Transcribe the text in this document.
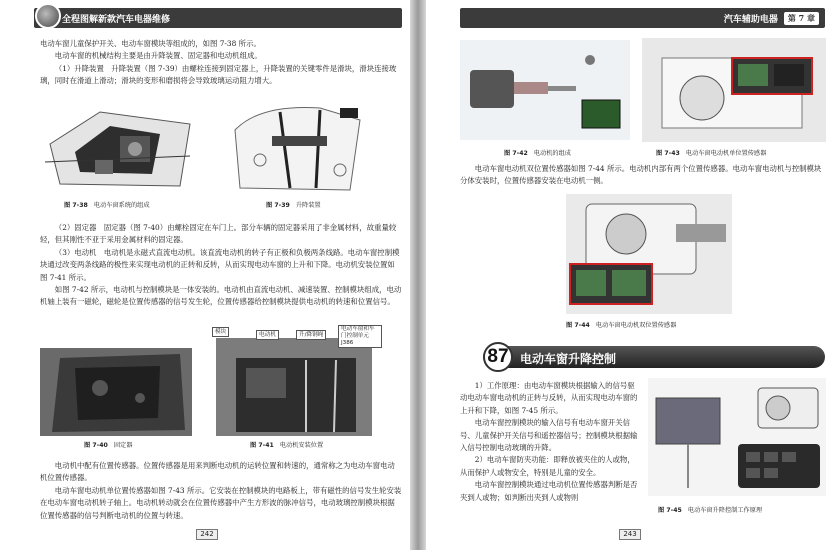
全程图解新款汽车电器维修

电动车窗儿童保护开关、电动车窗模块等组成的，如图 7-38 所示。

电动车窗的机械结构主要是由升降装置、固定器和电动机组成。

（1）升降装置　升降装置（图 7-39）由螺栓连接到固定器上，升降装置的关键零件是滑块，滑块连接玻璃，同时在滑道上滑动；滑块的变形和磨损将会导致玻璃运动阻力增大。

图 7-38 电动车窗系统的组成	图 7-39 升降装置

（2）固定器　固定器（图 7-40）由螺栓固定在车门上。部分车辆的固定器采用了非金属材料，故重量较轻，但其刚性不亚于采用金属材料的固定器。

（3）电动机　电动机是永磁式直流电动机。该直流电动机的转子有正极和负极两条线路。电动车窗控制模块通过改变两条线路的极性来实现电动机的正转和反转，从而实现电动车窗的上升和下降。电动机安装位置如图 7-41 所示。

如图 7-42 所示，电动机与控制模块是一体安装的。电动机由直流电动机、减速装置、控制模块组成，电动机轴上装有一磁轮，磁轮是位置传感器的信号发生轮，位置传感器给控制模块提供电动机的转速和位置信号。

图 7-40 固定器
模块	电动机	升/降钢绳
电动车窗和车门控制单元J386
图 7-41 电动机安装位置

电动机中配有位置传感器。位置传感器是用来判断电动机的运转位置和转速的，通常称之为电动车窗电动机位置传感器。

电动车窗电动机单位置传感器如图 7-43 所示。它安装在控制模块的电路板上，带有磁性的信号发生轮安装在电动车窗电动机转子轴上。电动机转动就会在位置传感器中产生方形波的脉冲信号，电动玻璃控制模块根据位置传感器的信号判断电动机的位置与转速。

242
汽车辅助电器	第 7 章
图 7-42 电动机的组成	图 7-43 电动车窗电动机单位置传感器
电动车窗电动机双位置传感器如图 7-44 所示。电动机内部有两个位置传感器。电动车窗电动机与控制模块分体安装时，位置传感器安装在电动机一侧。
图 7-44 电动车窗电动机双位置传感器
87 电动车窗升降控制

1）工作原理：由电动车窗模块根据输入的信号驱动电动车窗电动机的正转与反转，从而实现电动车窗的上升和下降，如图 7-45 所示。

电动车窗控制模块的输入信号有电动车窗开关信号、儿童保护开关信号和遥控器信号；控制模块根据输入信号控制电动玻璃的升降。

2）电动车窗防夹功能：即释放被夹住的人或物，从而保护人或物安全，特别是儿童的安全。

电动车窗控制模块通过电动机位置传感器判断是否夹到人或物；如判断出夹到人或物则

图 7-45 电动车窗升降控制工作原理
243
